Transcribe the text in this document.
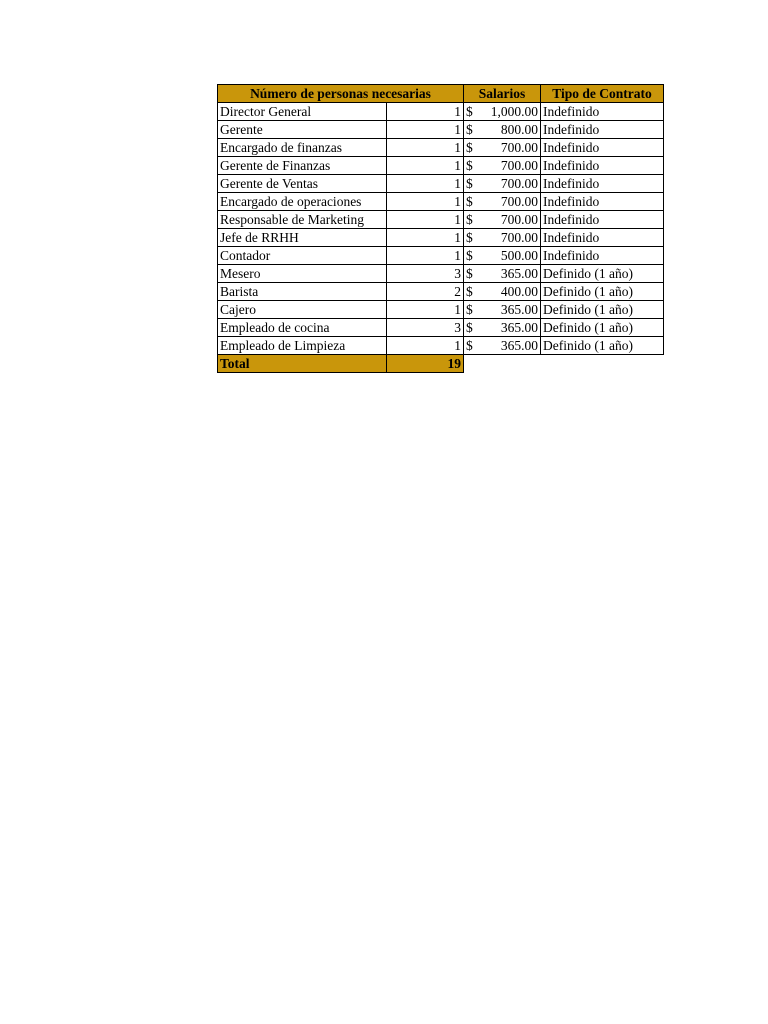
Número de personas necesarias		Salarios	Tipo de Contrato
Director General	1	$ 1,000.00	Indefinido
Gerente	1	$ 800.00	Indefinido
Encargado de finanzas	1	$ 700.00	Indefinido
Gerente de Finanzas	1	$ 700.00	Indefinido
Gerente de Ventas	1	$ 700.00	Indefinido
Encargado de operaciones	1	$ 700.00	Indefinido
Responsable de Marketing	1	$ 700.00	Indefinido
Jefe de RRHH	1	$ 700.00	Indefinido
Contador	1	$ 500.00	Indefinido
Mesero	3	$ 365.00	Definido (1 año)
Barista	2	$ 400.00	Definido (1 año)
Cajero	1	$ 365.00	Definido (1 año)
Empleado de cocina	3	$ 365.00	Definido (1 año)
Empleado de Limpieza	1	$ 365.00	Definido (1 año)
Total	19		
